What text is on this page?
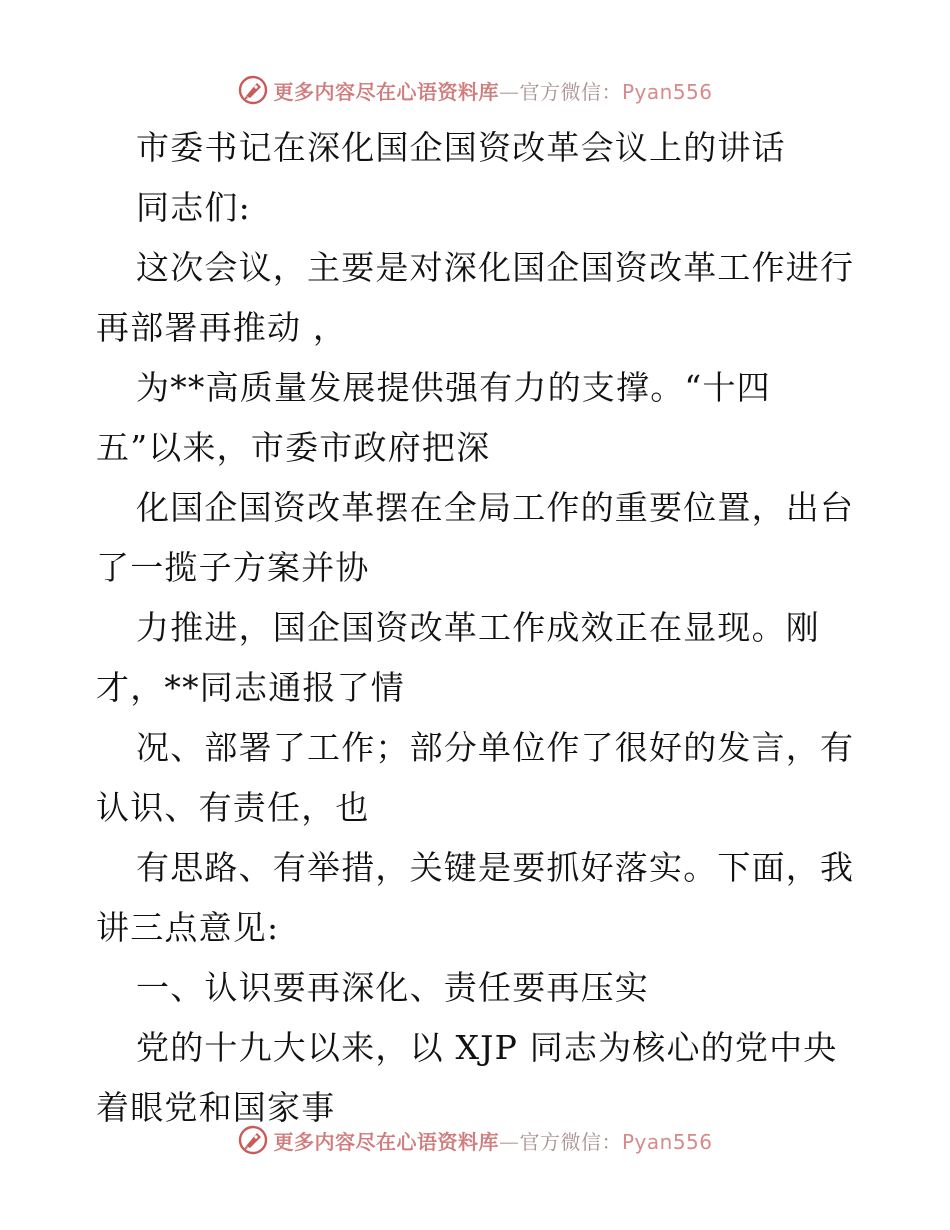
更多内容尽在心语资料库—官方微信：Pyan556
市委书记在深化国企国资改革会议上的讲话
同志们:
这次会议，主要是对深化国企国资改革工作进行
再部署再推动 ，
为**高质量发展提供强有力的支撑。“十四
五”以来，市委市政府把深
化国企国资改革摆在全局工作的重要位置，出台
了一揽子方案并协
力推进，国企国资改革工作成效正在显现。刚
才，**同志通报了情
况、部署了工作；部分单位作了很好的发言，有
认识、有责任，也
有思路、有举措，关键是要抓好落实。下面，我
讲三点意见:
一、认识要再深化、责任要再压实
党的十九大以来，以 XJP 同志为核心的党中央
着眼党和国家事
更多内容尽在心语资料库—官方微信：Pyan556
